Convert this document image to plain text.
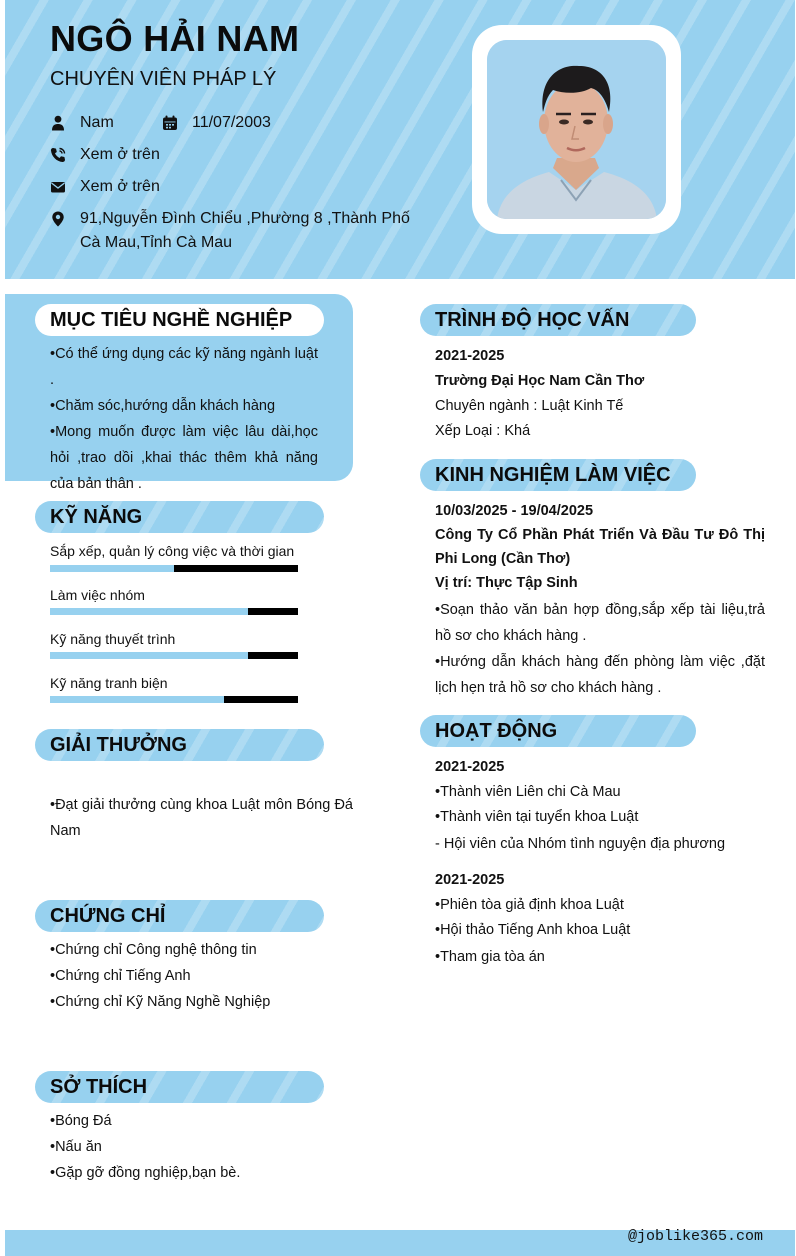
NGÔ HẢI NAM
CHUYÊN VIÊN PHÁP LÝ
Nam	11/07/2003
Xem ở trên
Xem ở trên
91,Nguyễn Đình Chiểu ,Phường 8 ,Thành Phố Cà Mau,Tỉnh Cà Mau
MỤC TIÊU NGHỀ NGHIỆP
•Có thể ứng dụng các kỹ năng ngành luật .
•Chăm sóc,hướng dẫn khách hàng
•Mong muốn được làm việc lâu dài,học hỏi ,trao dồi ,khai thác thêm khả năng của bản thân .
KỸ NĂNG
Sắp xếp, quản lý công việc và thời gian
Làm việc nhóm
Kỹ năng thuyết trình
Kỹ năng tranh biện
GIẢI THƯỞNG
•Đạt giải thưởng cùng khoa Luật môn Bóng Đá Nam
CHỨNG CHỈ
•Chứng chỉ Công nghệ thông tin
•Chứng chỉ Tiếng Anh
•Chứng chỉ Kỹ Năng Nghề Nghiệp
SỞ THÍCH
•Bóng Đá
•Nấu ăn
•Gặp gỡ đồng nghiệp,bạn bè.
TRÌNH ĐỘ HỌC VẤN
2021-2025
Trường Đại Học Nam Cần Thơ
Chuyên ngành : Luật Kinh Tế
Xếp Loại : Khá
KINH NGHIỆM LÀM VIỆC
10/03/2025 - 19/04/2025
Công Ty Cổ Phần Phát Triển Và Đầu Tư Đô Thị Phi Long (Cần Thơ)
Vị trí: Thực Tập Sinh
•Soạn thảo văn bản hợp đồng,sắp xếp tài liệu,trả hồ sơ cho khách hàng .
•Hướng dẫn khách hàng đến phòng làm việc ,đặt lịch hẹn trả hồ sơ cho khách hàng .
HOẠT ĐỘNG
2021-2025
•Thành viên Liên chi Cà Mau
•Thành viên tại tuyển khoa Luật
- Hội viên của Nhóm tình nguyện địa phương
2021-2025
•Phiên tòa giả định khoa Luật
•Hội thảo Tiếng Anh khoa Luật
•Tham gia tòa án
@joblike365.com
